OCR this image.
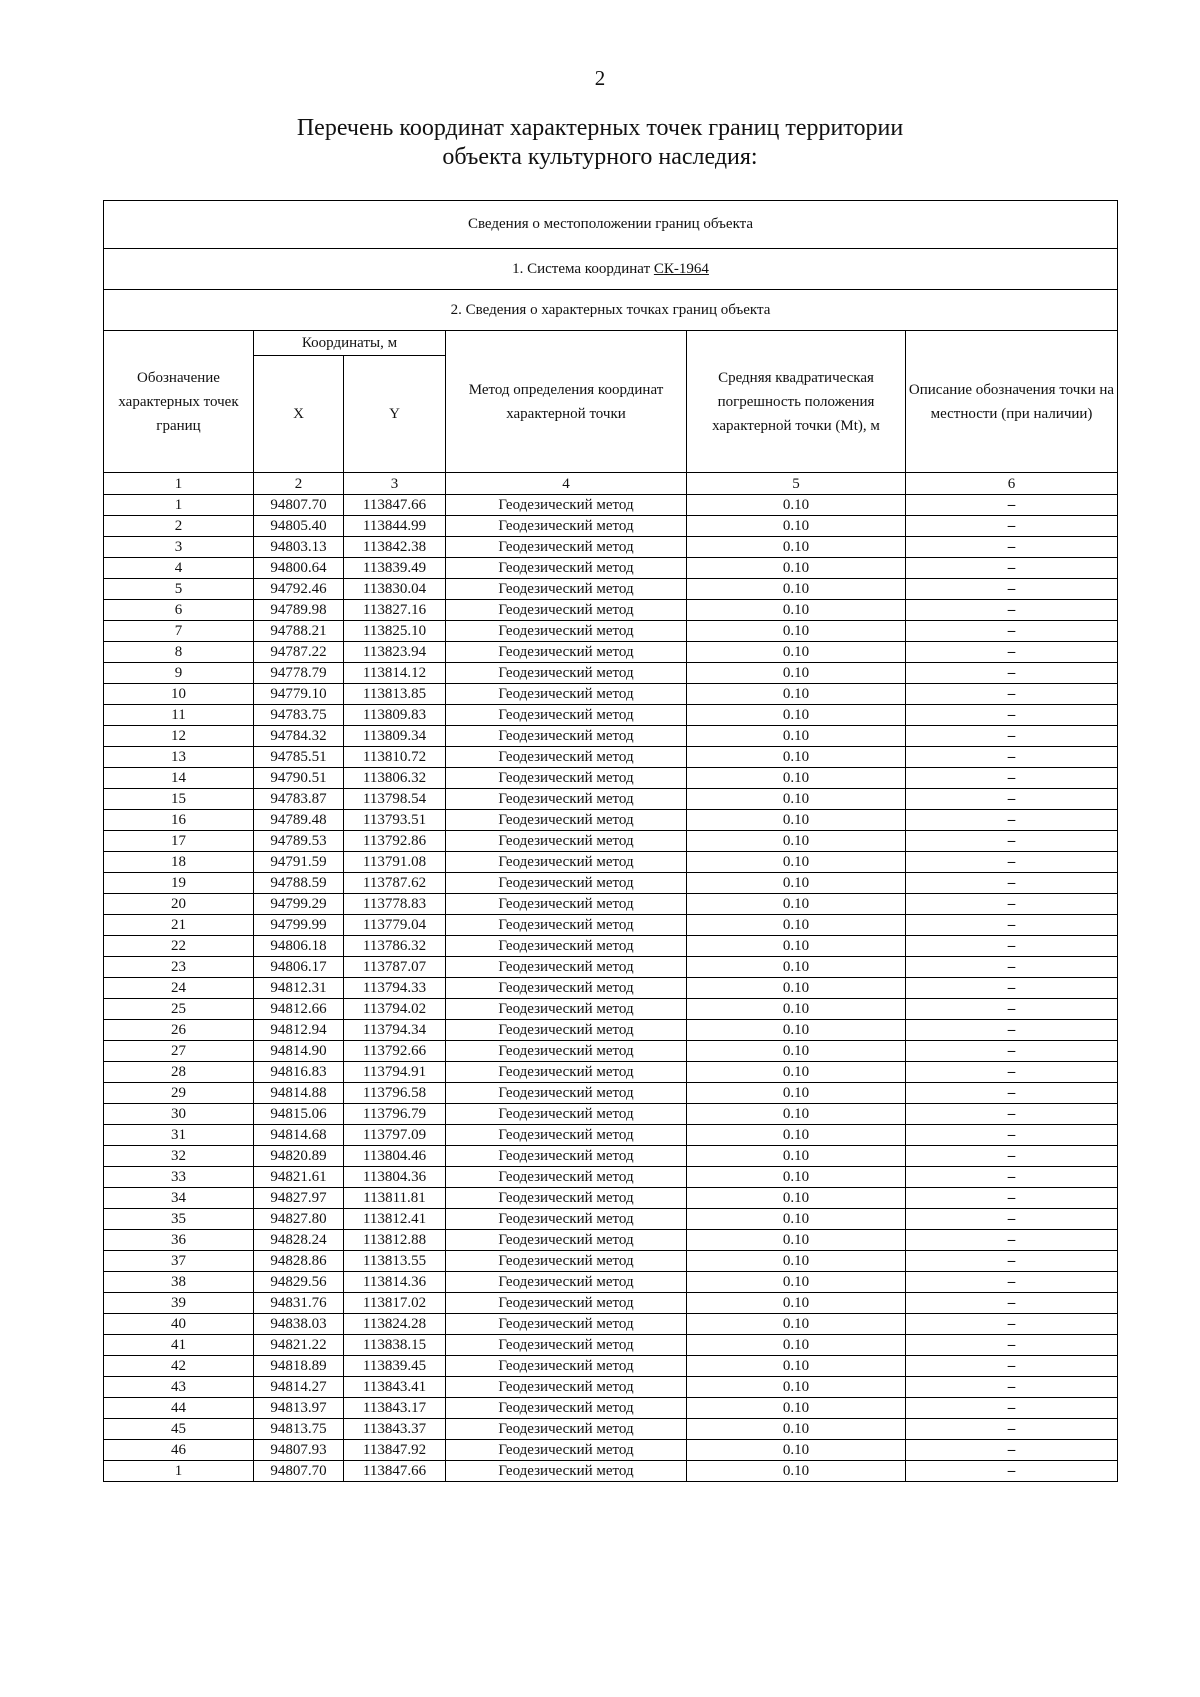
2
Перечень координат характерных точек границ территории
объекта культурного наследия:
Сведения о местоположении границ объекта					
1. Система координат СК-1964					
2. Сведения о характерных точках границ объекта					
Обозначение характерных точек границ	Координаты, м		Метод определения координат характерной точки	Средняя квадратическая погрешность положения характерной точки (Mt), м	Описание обозначения точки на местности (при наличии)
	X	Y			
1	2	3	4	5	6
1	94807.70	113847.66	Геодезический метод	0.10	–
2	94805.40	113844.99	Геодезический метод	0.10	–
3	94803.13	113842.38	Геодезический метод	0.10	–
4	94800.64	113839.49	Геодезический метод	0.10	–
5	94792.46	113830.04	Геодезический метод	0.10	–
6	94789.98	113827.16	Геодезический метод	0.10	–
7	94788.21	113825.10	Геодезический метод	0.10	–
8	94787.22	113823.94	Геодезический метод	0.10	–
9	94778.79	113814.12	Геодезический метод	0.10	–
10	94779.10	113813.85	Геодезический метод	0.10	–
11	94783.75	113809.83	Геодезический метод	0.10	–
12	94784.32	113809.34	Геодезический метод	0.10	–
13	94785.51	113810.72	Геодезический метод	0.10	–
14	94790.51	113806.32	Геодезический метод	0.10	–
15	94783.87	113798.54	Геодезический метод	0.10	–
16	94789.48	113793.51	Геодезический метод	0.10	–
17	94789.53	113792.86	Геодезический метод	0.10	–
18	94791.59	113791.08	Геодезический метод	0.10	–
19	94788.59	113787.62	Геодезический метод	0.10	–
20	94799.29	113778.83	Геодезический метод	0.10	–
21	94799.99	113779.04	Геодезический метод	0.10	–
22	94806.18	113786.32	Геодезический метод	0.10	–
23	94806.17	113787.07	Геодезический метод	0.10	–
24	94812.31	113794.33	Геодезический метод	0.10	–
25	94812.66	113794.02	Геодезический метод	0.10	–
26	94812.94	113794.34	Геодезический метод	0.10	–
27	94814.90	113792.66	Геодезический метод	0.10	–
28	94816.83	113794.91	Геодезический метод	0.10	–
29	94814.88	113796.58	Геодезический метод	0.10	–
30	94815.06	113796.79	Геодезический метод	0.10	–
31	94814.68	113797.09	Геодезический метод	0.10	–
32	94820.89	113804.46	Геодезический метод	0.10	–
33	94821.61	113804.36	Геодезический метод	0.10	–
34	94827.97	113811.81	Геодезический метод	0.10	–
35	94827.80	113812.41	Геодезический метод	0.10	–
36	94828.24	113812.88	Геодезический метод	0.10	–
37	94828.86	113813.55	Геодезический метод	0.10	–
38	94829.56	113814.36	Геодезический метод	0.10	–
39	94831.76	113817.02	Геодезический метод	0.10	–
40	94838.03	113824.28	Геодезический метод	0.10	–
41	94821.22	113838.15	Геодезический метод	0.10	–
42	94818.89	113839.45	Геодезический метод	0.10	–
43	94814.27	113843.41	Геодезический метод	0.10	–
44	94813.97	113843.17	Геодезический метод	0.10	–
45	94813.75	113843.37	Геодезический метод	0.10	–
46	94807.93	113847.92	Геодезический метод	0.10	–
1	94807.70	113847.66	Геодезический метод	0.10	–
